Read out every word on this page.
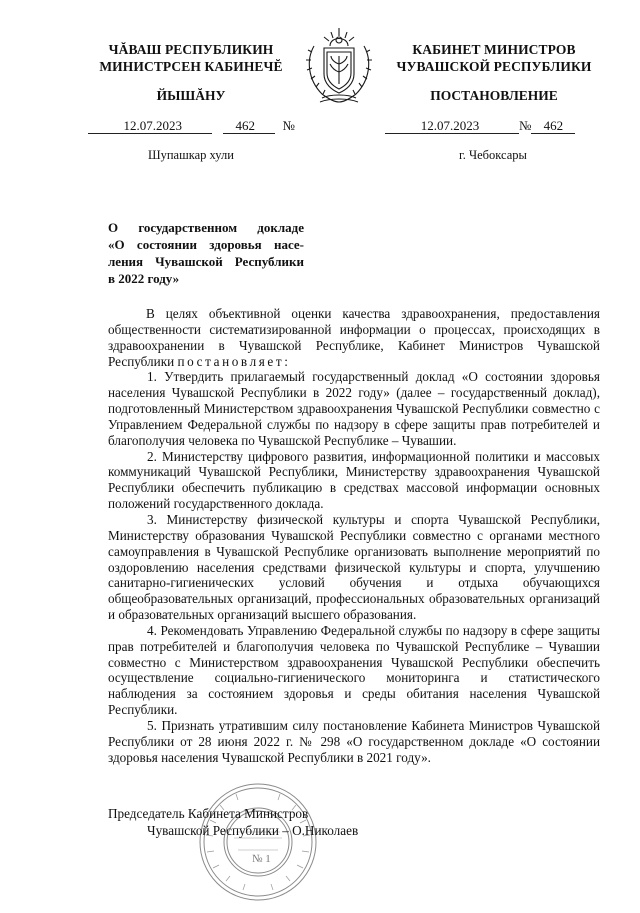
ЧĂВАШ РЕСПУБЛИКИН
МИНИСТРСЕН КАБИНЕЧĔ
ЙЫШĂНУ
КАБИНЕТ МИНИСТРОВ
ЧУВАШСКОЙ РЕСПУБЛИКИ
ПОСТАНОВЛЕНИЕ
12.07.2023	462 №	12.07.2023	№ 462
Шупашкар хули	г. Чебоксары
О государственном докладе
«О состоянии здоровья насе-
ления Чувашской Республики
в 2022 году»

В целях объективной оценки качества здравоохранения, предоставления общественности систематизированной информации о процессах, происходящих в здравоохранении в Чувашской Республике, Кабинет Министров Чувашской Республики постановляет:

1. Утвердить прилагаемый государственный доклад «О состоянии здоровья населения Чувашской Республики в 2022 году» (далее – государственный доклад), подготовленный Министерством здравоохранения Чувашской Республики совместно с Управлением Федеральной службы по надзору в сфере защиты прав потребителей и благополучия человека по Чувашской Республике – Чувашии.

2. Министерству цифрового развития, информационной политики и массовых коммуникаций Чувашской Республики, Министерству здравоохранения Чувашской Республики обеспечить публикацию в средствах массовой информации основных положений государственного доклада.

3. Министерству физической культуры и спорта Чувашской Республики, Министерству образования Чувашской Республики совместно с органами местного самоуправления в Чувашской Республике организовать выполнение мероприятий по оздоровлению населения средствами физической культуры и спорта, улучшению санитарно-гигиенических условий обучения и отдыха обучающихся общеобразовательных организаций, профессиональных образовательных организаций и образовательных организаций высшего образования.

4. Рекомендовать Управлению Федеральной службы по надзору в сфере защиты прав потребителей и благополучия человека по Чувашской Республике – Чувашии совместно с Министерством здравоохранения Чувашской Республики обеспечить осуществление социально-гигиенического мониторинга и статистического наблюдения за состоянием здоровья и среды обитания населения Чувашской Республики.

5. Признать утратившим силу постановление Кабинета Министров Чувашской Республики от 28 июня 2022 г. № 298 «О государственном докладе «О состоянии здоровья населения Чувашской Республики в 2021 году».

№ 1
Председатель Кабинета Министров
Чувашской Республики – О.Николаев
